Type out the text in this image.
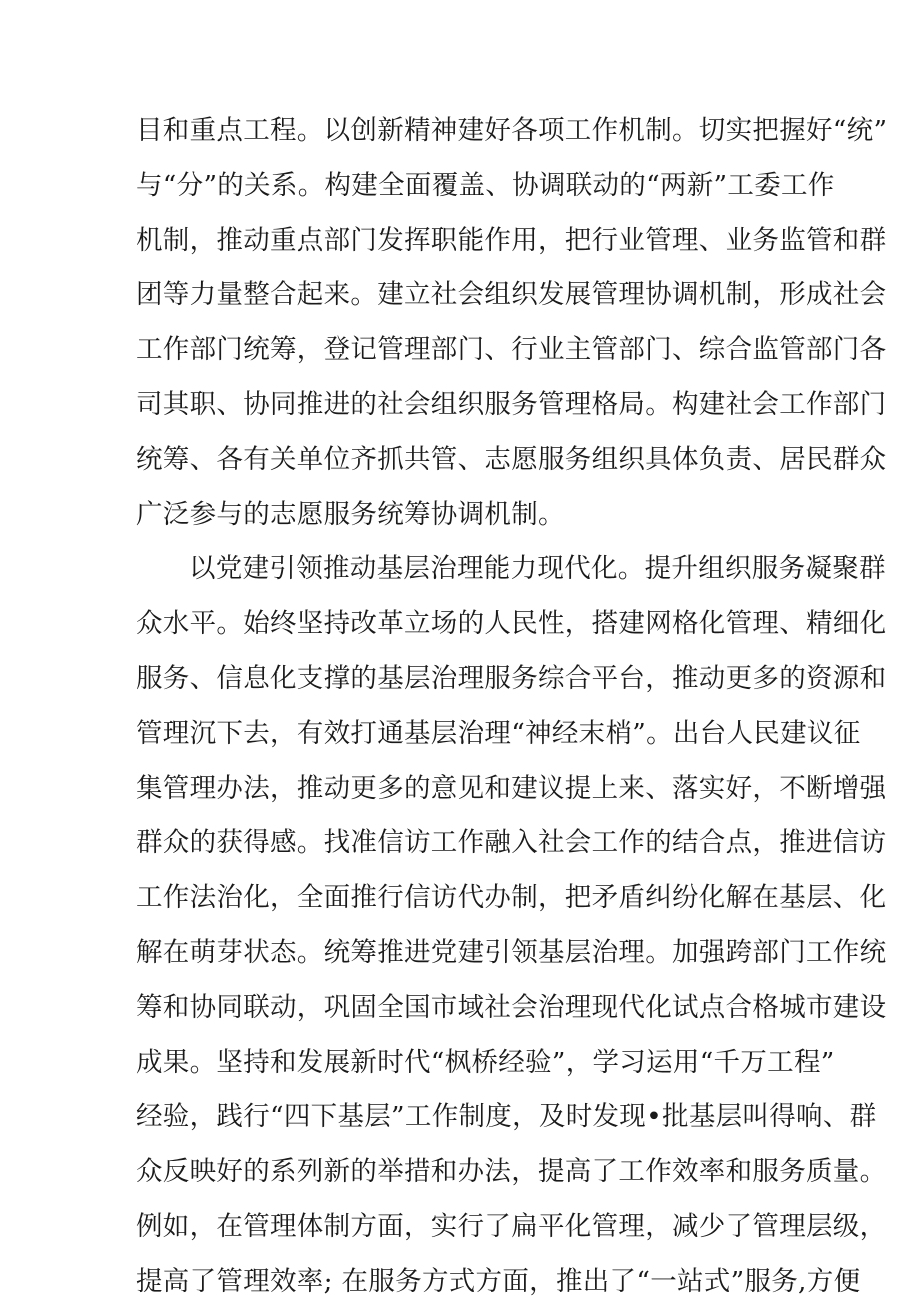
目和重点工程。以创新精神建好各项工作机制。切实把握好“统”
与“分”的关系。构建全面覆盖、协调联动的“两新”工委工作
机制，推动重点部门发挥职能作用，把行业管理、业务监管和群
团等力量整合起来。建立社会组织发展管理协调机制，形成社会
工作部门统筹，登记管理部门、行业主管部门、综合监管部门各
司其职、协同推进的社会组织服务管理格局。构建社会工作部门
统筹、各有关单位齐抓共管、志愿服务组织具体负责、居民群众
广泛参与的志愿服务统筹协调机制。
以党建引领推动基层治理能力现代化。提升组织服务凝聚群
众水平。始终坚持改革立场的人民性，搭建网格化管理、精细化
服务、信息化支撑的基层治理服务综合平台，推动更多的资源和
管理沉下去，有效打通基层治理“神经末梢”。出台人民建议征
集管理办法，推动更多的意见和建议提上来、落实好，不断增强
群众的获得感。找准信访工作融入社会工作的结合点，推进信访
工作法治化，全面推行信访代办制，把矛盾纠纷化解在基层、化
解在萌芽状态。统筹推进党建引领基层治理。加强跨部门工作统
筹和协同联动，巩固全国市域社会治理现代化试点合格城市建设
成果。坚持和发展新时代“枫桥经验”，学习运用“千万工程”
经验，践行“四下基层”工作制度，及时发现•批基层叫得响、群
众反映好的系列新的举措和办法，提高了工作效率和服务质量。
例如，在管理体制方面，实行了扁平化管理，减少了管理层级，
提高了管理效率; 在服务方式方面，推出了“一站式”服务,方便
